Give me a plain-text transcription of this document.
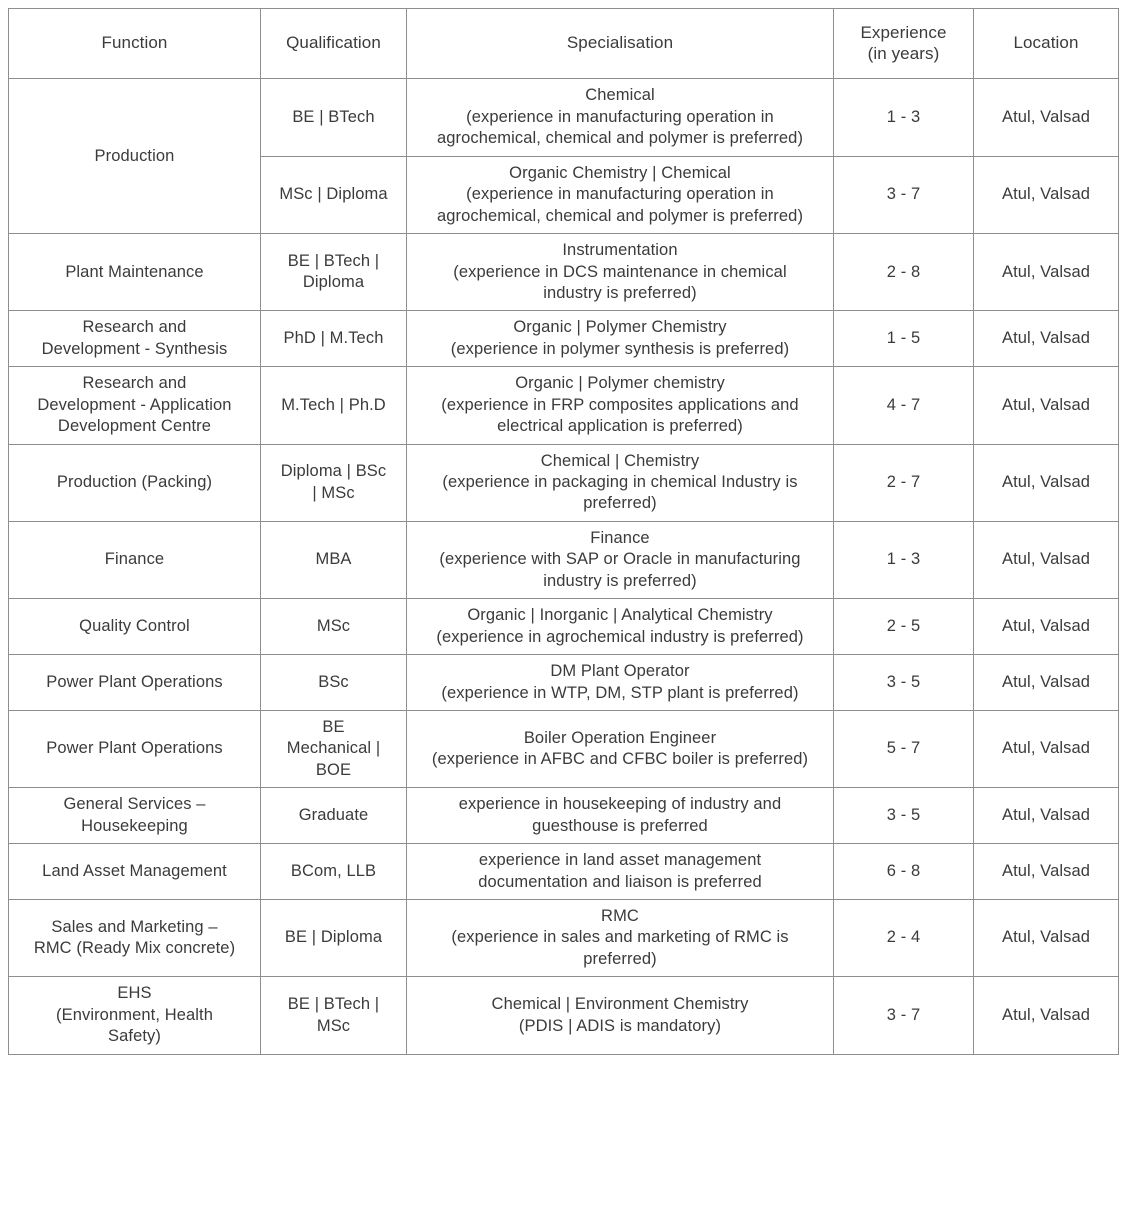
Function	Qualification	Specialisation	Experience
(in years)	Location
Production	BE | BTech	Chemical
(experience in manufacturing operation in
agrochemical, chemical and polymer is preferred)	1 - 3	Atul, Valsad
	MSc | Diploma	Organic Chemistry | Chemical
(experience in manufacturing operation in
agrochemical, chemical and polymer is preferred)	3 - 7	Atul, Valsad
Plant Maintenance	BE | BTech |
Diploma	Instrumentation
(experience in DCS maintenance in chemical
industry is preferred)	2 - 8	Atul, Valsad

Research and
Development - Synthesis	PhD | M.Tech	Organic | Polymer Chemistry
(experience in polymer synthesis is preferred)	1 - 5	Atul, Valsad

Research and
Development - Application
Development Centre	M.Tech | Ph.D	Organic | Polymer chemistry
(experience in FRP composites applications and
electrical application is preferred)	4 - 7	Atul, Valsad
Production (Packing)	Diploma | BSc
| MSc	Chemical | Chemistry
(experience in packaging in chemical Industry is
preferred)	2 - 7	Atul, Valsad
Finance	MBA	Finance
(experience with SAP or Oracle in manufacturing
industry is preferred)	1 - 3	Atul, Valsad
Quality Control	MSc	Organic | Inorganic | Analytical Chemistry
(experience in agrochemical industry is preferred)	2 - 5	Atul, Valsad
Power Plant Operations	BSc	DM Plant Operator
(experience in WTP, DM, STP plant is preferred)	3 - 5	Atul, Valsad
Power Plant Operations	BE
Mechanical |
BOE	Boiler Operation Engineer
(experience in AFBC and CFBC boiler is preferred)	5 - 7	Atul, Valsad

General Services –
Housekeeping	Graduate	experience in housekeeping of industry and
guesthouse is preferred	3 - 5	Atul, Valsad
Land Asset Management	BCom, LLB	experience in land asset management
documentation and liaison is preferred	6 - 8	Atul, Valsad

Sales and Marketing –
RMC (Ready Mix concrete)	BE | Diploma	RMC
(experience in sales and marketing of RMC is
preferred)	2 - 4	Atul, Valsad

EHS
(Environment, Health
Safety)	BE | BTech |
MSc	Chemical | Environment Chemistry
(PDIS | ADIS is mandatory)	3 - 7	Atul, Valsad
